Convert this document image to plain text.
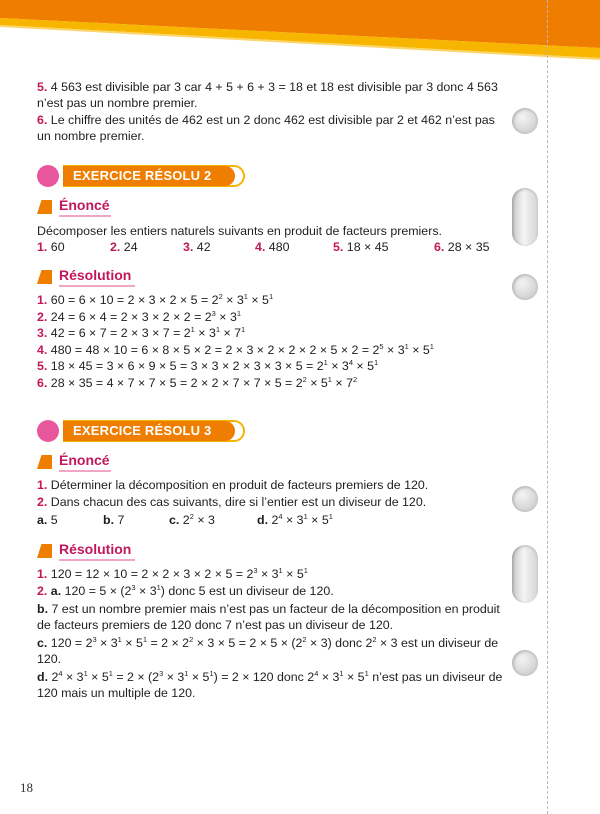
5. 4 563 est divisible par 3 car 4 + 5 + 6 + 3 = 18 et 18 est divisible par 3 donc 4 563 n’est pas un nombre premier.

6. Le chiffre des unités de 462 est un 2 donc 462 est divisible par 2 et 462 n’est pas un nombre premier.

EXERCICE RÉSOLU 2
Énoncé

Décomposer les entiers naturels suivants en produit de facteurs premiers.

1. 60	2. 24	3. 42	4. 480	5. 18 × 45	6. 28 × 35
Résolution

1. $60 = 6 \times 10 = 2 \times 3 \times 2 \times 5 = 2^2 \times 3^1 \times 5^1$

2. $24 = 6 \times 4 = 2 \times 3 \times 2 \times 2 = 2^3 \times 3^1$

3. $42 = 6 \times 7 = 2 \times 3 \times 7 = 2^1 \times 3^1 \times 7^1$

4. $480 = 48 \times 10 = 6 \times 8 \times 5 \times 2 = 2 \times 3 \times 2 \times 2 \times 2 \times 5 \times 2 = 2^5 \times 3^1 \times 5^1$

5. $18 \times 45 = 3 \times 6 \times 9 \times 5 = 3 \times 3 \times 2 \times 3 \times 3 \times 5 = 2^1 \times 3^4 \times 5^1$

6. $28 \times 35 = 4 \times 7 \times 7 \times 5 = 2 \times 2 \times 7 \times 7 \times 5 = 2^2 \times 5^1 \times 7^2$

EXERCICE RÉSOLU 3
Énoncé

1. Déterminer la décomposition en produit de facteurs premiers de 120.

2. Dans chacun des cas suivants, dire si l’entier est un diviseur de 120.

a. 5	b. 7	c. $2^2 \times 3$	d. $2^4 \times 3^1 \times 5^1$
Résolution

1. $120 = 12 \times 10 = 2 \times 2 \times 3 \times 2 \times 5 = 2^3 \times 3^1 \times 5^1$

2. a. $120 = 5 \times (2^3 \times 3^1)$ donc 5 est un diviseur de 120.

b. 7 est un nombre premier mais n’est pas un facteur de la décomposition en produit de facteurs premiers de 120 donc 7 n’est pas un diviseur de 120.

c. $120 = 2^3 \times 3^1 \times 5^1 = 2 \times 2^2 \times 3 \times 5 = 2 \times 5 \times (2^2 \times 3)$ donc $2^2 \times 3$ est un diviseur de 120.

d. $2^4 \times 3^1 \times 5^1 = 2 \times (2^3 \times 3^1 \times 5^1) = 2 \times 120$ donc $2^4 \times 3^1 \times 5^1$ n’est pas un diviseur de 120 mais un multiple de 120.

18
